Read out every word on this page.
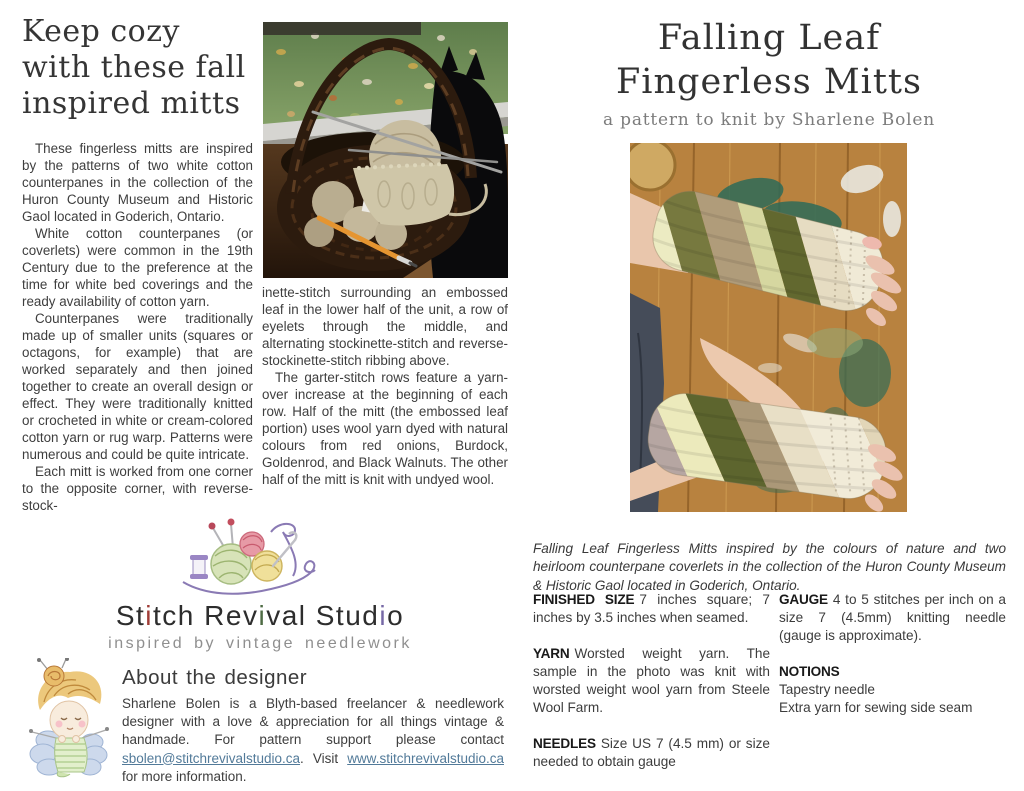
Keep cozy
with these fall
inspired mitts

These fingerless mitts are inspired by the patterns of two white cotton counterpanes in the collection of the Huron County Museum and Historic Gaol located in Goderich, Ontario.

White cotton counterpanes (or coverlets) were common in the 19th Century due to the preference at the time for white bed coverings and the ready availability of cotton yarn.

Counterpanes were traditionally made up of smaller units (squares or octagons, for example) that are worked separately and then joined together to create an overall design or effect. They were traditionally knitted or crocheted in white or cream-colored cotton yarn or rug warp. Patterns were numerous and could be quite intricate.

Each mitt is worked from one corner to the opposite corner, with reverse-stock-

inette-stitch surrounding an embossed leaf in the lower half of the unit, a row of eyelets through the middle, and alternating stockinette-stitch and reverse-stockinette-stitch ribbing above.

The garter-stitch rows feature a yarn-over increase at the beginning of each row. Half of the mitt (the embossed leaf portion) uses wool yarn dyed with natural colours from red onions, Burdock, Goldenrod, and Black Walnuts. The other half of the mitt is knit with undyed wool.

Stitch Revival Studio
inspired by vintage needlework
About the designer
Sharlene Bolen is a Blyth-based freelancer & needlework designer with a love & appreciation for all things vintage & handmade. For pattern support please contact sbolen@stitchrevivalstudio.ca. Visit www.stitchrevivalstudio.ca for more information.
Falling Leaf
Fingerless Mitts
a pattern to knit by Sharlene Bolen

Falling Leaf Fingerless Mitts inspired by the colours of nature and two heirloom counterpane coverlets in the collection of the Huron County Museum & Historic Gaol located in Goderich, Ontario.

FINISHED SIZE 7 inches square; 7 inches by 3.5 inches when seamed.

YARN Worsted weight yarn. The sample in the photo was knit with worsted weight wool yarn from Steele Wool Farm.

NEEDLES Size US 7 (4.5 mm) or size needed to obtain gauge

GAUGE 4 to 5 stitches per inch on a size 7 (4.5mm) knitting needle (gauge is approximate).

NOTIONS
Tapestry needle
Extra yarn for sewing side seam
